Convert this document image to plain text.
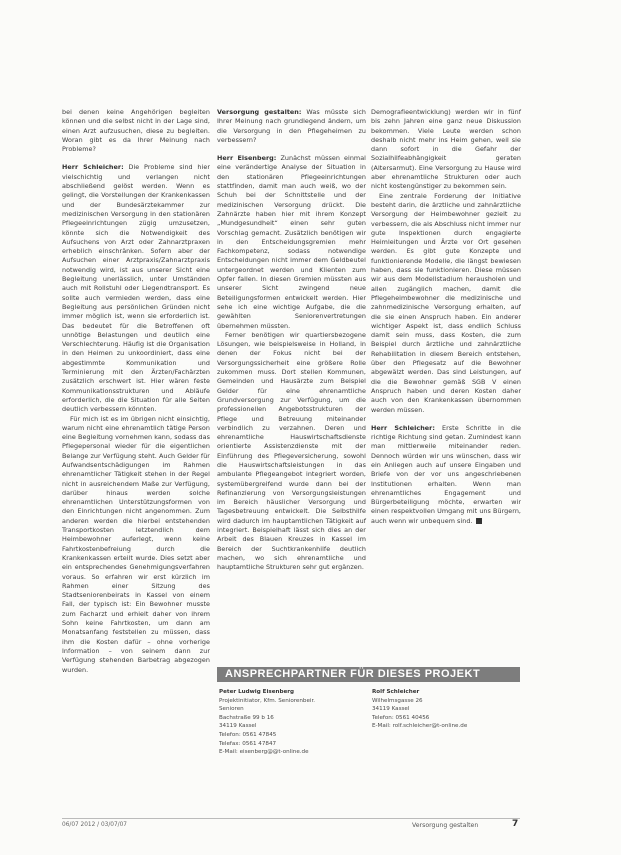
bei denen keine Angehörigen begleiten können und die selbst nicht in der Lage sind, einen Arzt aufzusuchen, diese zu begleiten. Woran gibt es da Ihrer Meinung nach Probleme?

Herr Schleicher: Die Probleme sind hier vielschichtig und verlangen nicht abschließend gelöst werden. Wenn es gelingt, die Vorstellungen der Krankenkassen und der Bundesärztekammer zur medizinischen Versorgung in den stationären Pflegeeinrichtungen zügig umzusetzen, könnte sich die Notwendigkeit des Aufsuchens von Arzt oder Zahnarztpraxen erheblich einschränken. Sofern aber der Aufsuchen einer Arztpraxis/Zahnarztpraxis notwendig wird, ist aus unserer Sicht eine Begleitung unerlässlich, unter Umständen auch mit Rollstuhl oder Liegendtransport. Es sollte auch vermieden werden, dass eine Begleitung aus persönlichen Gründen nicht immer möglich ist, wenn sie erforderlich ist. Das bedeutet für die Betroffenen oft unnötige Belastungen und deutlich eine Verschlechterung. Häufig ist die Organisation in den Heimen zu unkoordiniert, dass eine abgestimmte Kommunikation und Terminierung mit den Ärzten/Fachärzten zusätzlich erschwert ist. Hier wären feste Kommunikationsstrukturen und Abläufe erforderlich, die die Situation für alle Seiten deutlich verbessern könnten.

Für mich ist es im übrigen nicht einsichtig, warum nicht eine ehrenamtlich tätige Person eine Begleitung vornehmen kann, sodass das Pflegepersonal wieder für die eigentlichen Belange zur Verfügung steht. Auch Gelder für Aufwandsentschädigungen im Rahmen ehrenamtlicher Tätigkeit stehen in der Regel nicht in ausreichendem Maße zur Verfügung, darüber hinaus werden solche ehrenamtlichen Unterstützungsformen von den Einrichtungen nicht angenommen. Zum anderen werden die hierbei entstehenden Transportkosten letztendlich dem Heimbewohner auferlegt, wenn keine Fahrtkostenbefreiung durch die Krankenkassen erteilt wurde. Dies setzt aber ein entsprechendes Genehmigungsverfahren voraus. So erfahren wir erst kürzlich im Rahmen einer Sitzung des Stadtseniorenbeirats in Kassel von einem Fall, der typisch ist: Ein Bewohner musste zum Facharzt und erhielt daher von ihrem Sohn keine Fahrtkosten, um dann am Monatsanfang feststellen zu müssen, dass ihm die Kosten dafür – ohne vorherige Information – von seinem dann zur Verfügung stehenden Barbetrag abgezogen wurden.

Versorgung gestalten: Was müsste sich Ihrer Meinung nach grundlegend ändern, um die Versorgung in den Pflegeheimen zu verbessern?

Herr Eisenberg: Zunächst müssen einmal eine verändertige Analyse der Situation in den stationären Pflegeeinrichtungen stattfinden, damit man auch weiß, wo der Schuh bei der Schnittstelle und der medizinischen Versorgung drückt. Die Zahnärzte haben hier mit ihrem Konzept „Mundgesundheit“ einen sehr guten Vorschlag gemacht. Zusätzlich benötigen wir in den Entscheidungsgremien mehr Fachkompetenz, sodass notwendige Entscheidungen nicht immer dem Geldbeutel untergeordnet werden und Klienten zum Opfer fallen. In diesen Gremien müssten aus unserer Sicht zwingend neue Beteiligungsformen entwickelt werden. Hier sehe ich eine wichtige Aufgabe, die die gewählten Seniorenvertretungen übernehmen müssten.

Ferner benötigen wir quartiersbezogene Lösungen, wie beispielsweise in Holland, in denen der Fokus nicht bei der Versorgungssicherheit eine größere Rolle zukommen muss. Dort stellen Kommunen, Gemeinden und Hausärzte zum Beispiel Gelder für eine ehrenamtliche Grundversorgung zur Verfügung, um die professionellen Angebotsstrukturen der Pflege und Betreuung miteinander verbindlich zu verzahnen. Deren und ehrenamtliche Hauswirtschaftsdienste orientierte Assistenzdienste mit der Einführung des Pflegeversicherung, sowohl die Hauswirtschaftsleistungen in das ambulante Pflegeangebot integriert worden, systemübergreifend wurde dann bei der Refinanzierung von Versorgungsleistungen im Bereich häuslicher Versorgung und Tagesbetreuung entwickelt. Die Selbsthilfe wird dadurch im hauptamtlichen Tätigkeit auf integriert. Beispielhaft lässt sich dies an der Arbeit des Blauen Kreuzes in Kassel im Bereich der Suchtkrankenhilfe deutlich machen, wo sich ehrenamtliche und hauptamtliche Strukturen sehr gut ergänzen.

Demografieentwicklung) werden wir in fünf bis zehn Jahren eine ganz neue Diskussion bekommen. Viele Leute werden schon deshalb nicht mehr ins Heim gehen, weil sie dann sofort in die Gefahr der Sozialhilfeabhängigkeit geraten (Altersarmut). Eine Versorgung zu Hause wird aber ehrenamtliche Strukturen oder auch nicht kostengünstiger zu bekommen sein.

Eine zentrale Forderung der Initiative besteht darin, die ärztliche und zahnärztliche Versorgung der Heimbewohner gezielt zu verbessern, die als Abschluss nicht immer nur gute Inspektionen durch engagierte Heimleitungen und Ärzte vor Ort gesehen werden. Es gibt gute Konzepte und funktionierende Modelle, die längst bewiesen haben, dass sie funktionieren. Diese müssen wir aus dem Modellstadium herausholen und allen zugänglich machen, damit die Pflegeheimbewohner die medizinische und zahnmedizinische Versorgung erhalten, auf die sie einen Anspruch haben. Ein anderer wichtiger Aspekt ist, dass endlich Schluss damit sein muss, dass Kosten, die zum Beispiel durch ärztliche und zahnärztliche Rehabilitation in diesem Bereich entstehen, über den Pflegesatz auf die Bewohner abgewälzt werden. Das sind Leistungen, auf die die Bewohner gemäß SGB V einen Anspruch haben und deren Kosten daher auch von den Krankenkassen übernommen werden müssen.

Herr Schleicher: Erste Schritte in die richtige Richtung sind getan. Zumindest kann man mittlerweile miteinander reden. Dennoch würden wir uns wünschen, dass wir ein Anliegen auch auf unsere Eingaben und Briefe von der vor uns angeschriebenen Institutionen erhalten. Wenn man ehrenamtliches Engagement und Bürgerbeteiligung möchte, erwarten wir einen respektvollen Umgang mit uns Bürgern, auch wenn wir unbequem sind.

ANSPRECHPARTNER FÜR DIESES PROJEKT
Peter Ludwig Eisenberg
Projektinitiator, Kfm. Seniorenbeir.
Senioren
Bachstraße 99 b 16
34119 Kassel
Telefon: 0561 47845
Telefax: 0561 47847
E-Mail: eisenberg@@t-online.de
Rolf Schleicher
Wilhelmsgasse 26
34119 Kassel
Telefon: 0561 40456
E-Mail: rolf.schleicher@t-online.de
06/07 2012 / 03/07/07	Versorgung gestalten	7
